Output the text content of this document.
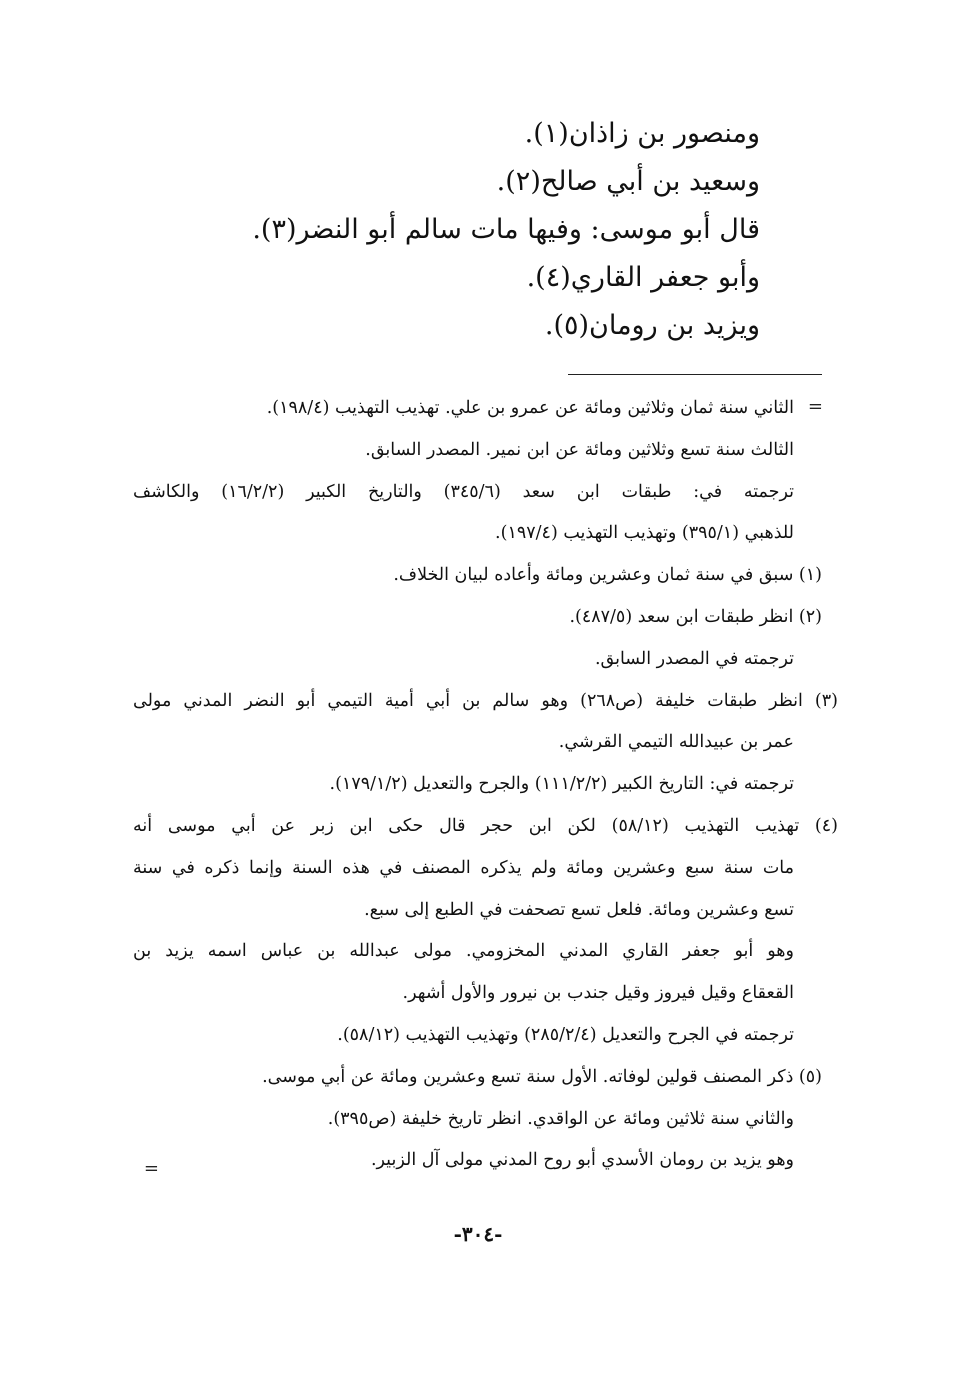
ومنصور بن زاذان(١).
وسعيد بن أبي صالح(٢).
قال أبو موسى: وفيها مات سالم أبو النضر(٣).
وأبو جعفر القاري(٤).
ويزيد بن رومان(٥).
=
الثاني سنة ثمان وثلاثين ومائة عن عمرو بن علي. تهذيب التهذيب (١٩٨/٤).
الثالث سنة تسع وثلاثين ومائة عن ابن نمير. المصدر السابق.
ترجمته في: طبقات ابن سعد (٣٤٥/٦) والتاريخ الكبير (١٦/٢/٢) والكاشف
للذهبي (٣٩٥/١) وتهذيب التهذيب (١٩٧/٤).
(١) سبق في سنة ثمان وعشرين ومائة وأعاده لبيان الخلاف.
(٢) انظر طبقات ابن سعد (٤٨٧/٥).
ترجمته في المصدر السابق.
(٣) انظر طبقات خليفة (ص٢٦٨) وهو سالم بن أبي أمية التيمي أبو النضر المدني مولى
عمر بن عبيدالله التيمي القرشي.
ترجمته في: التاريخ الكبير (١١١/٢/٢) والجرح والتعديل (١٧٩/١/٢).
(٤) تهذيب التهذيب (٥٨/١٢) لكن ابن حجر قال حكى ابن زبر عن أبي موسى أنه
مات سنة سبع وعشرين ومائة ولم يذكره المصنف في هذه السنة وإنما ذكره في سنة
تسع وعشرين ومائة. فلعل تسع تصحفت في الطبع إلى سبع.
وهو أبو جعفر القاري المدني المخزومي. مولى عبدالله بن عباس اسمه يزيد بن
القعقاع وقيل فيروز وقيل جندب بن نيرور والأول أشهر.
ترجمته في الجرح والتعديل (٢٨٥/٢/٤) وتهذيب التهذيب (٥٨/١٢).
(٥) ذكر المصنف قولين لوفاته. الأول سنة تسع وعشرين ومائة عن أبي موسى.
والثاني سنة ثلاثين ومائة عن الواقدي. انظر تاريخ خليفة (ص٣٩٥).
وهو يزيد بن رومان الأسدي أبو روح المدني مولى آل الزبير.
=
-٣٠٤-
